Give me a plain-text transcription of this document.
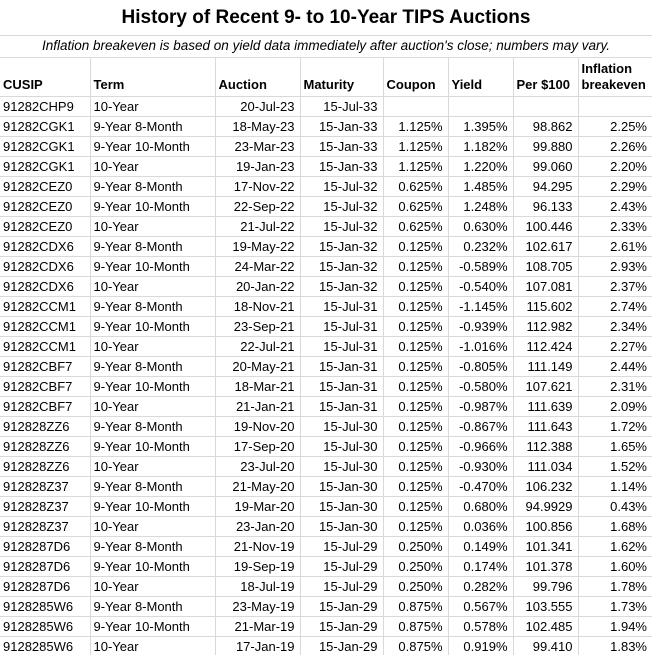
History of Recent 9- to 10-Year TIPS Auctions
Inflation breakeven is based on yield data immediately after auction's close; numbers may vary.
CUSIP	Term	Auction	Maturity	Coupon	Yield	Per $100	Inflation breakeven
91282CHP9	10-Year	20-Jul-23	15-Jul-33				
91282CGK1	9-Year 8-Month	18-May-23	15-Jan-33	1.125%	1.395%	98.862	2.25%
91282CGK1	9-Year 10-Month	23-Mar-23	15-Jan-33	1.125%	1.182%	99.880	2.26%
91282CGK1	10-Year	19-Jan-23	15-Jan-33	1.125%	1.220%	99.060	2.20%
91282CEZ0	9-Year 8-Month	17-Nov-22	15-Jul-32	0.625%	1.485%	94.295	2.29%
91282CEZ0	9-Year 10-Month	22-Sep-22	15-Jul-32	0.625%	1.248%	96.133	2.43%
91282CEZ0	10-Year	21-Jul-22	15-Jul-32	0.625%	0.630%	100.446	2.33%
91282CDX6	9-Year 8-Month	19-May-22	15-Jan-32	0.125%	0.232%	102.617	2.61%
91282CDX6	9-Year 10-Month	24-Mar-22	15-Jan-32	0.125%	-0.589%	108.705	2.93%
91282CDX6	10-Year	20-Jan-22	15-Jan-32	0.125%	-0.540%	107.081	2.37%
91282CCM1	9-Year 8-Month	18-Nov-21	15-Jul-31	0.125%	-1.145%	115.602	2.74%
91282CCM1	9-Year 10-Month	23-Sep-21	15-Jul-31	0.125%	-0.939%	112.982	2.34%
91282CCM1	10-Year	22-Jul-21	15-Jul-31	0.125%	-1.016%	112.424	2.27%
91282CBF7	9-Year 8-Month	20-May-21	15-Jan-31	0.125%	-0.805%	111.149	2.44%
91282CBF7	9-Year 10-Month	18-Mar-21	15-Jan-31	0.125%	-0.580%	107.621	2.31%
91282CBF7	10-Year	21-Jan-21	15-Jan-31	0.125%	-0.987%	111.639	2.09%
912828ZZ6	9-Year 8-Month	19-Nov-20	15-Jul-30	0.125%	-0.867%	111.643	1.72%
912828ZZ6	9-Year 10-Month	17-Sep-20	15-Jul-30	0.125%	-0.966%	112.388	1.65%
912828ZZ6	10-Year	23-Jul-20	15-Jul-30	0.125%	-0.930%	111.034	1.52%
912828Z37	9-Year 8-Month	21-May-20	15-Jan-30	0.125%	-0.470%	106.232	1.14%
912828Z37	9-Year 10-Month	19-Mar-20	15-Jan-30	0.125%	0.680%	94.9929	0.43%
912828Z37	10-Year	23-Jan-20	15-Jan-30	0.125%	0.036%	100.856	1.68%
9128287D6	9-Year 8-Month	21-Nov-19	15-Jul-29	0.250%	0.149%	101.341	1.62%
9128287D6	9-Year 10-Month	19-Sep-19	15-Jul-29	0.250%	0.174%	101.378	1.60%
9128287D6	10-Year	18-Jul-19	15-Jul-29	0.250%	0.282%	99.796	1.78%
9128285W6	9-Year 8-Month	23-May-19	15-Jan-29	0.875%	0.567%	103.555	1.73%
9128285W6	9-Year 10-Month	21-Mar-19	15-Jan-29	0.875%	0.578%	102.485	1.94%
9128285W6	10-Year	17-Jan-19	15-Jan-29	0.875%	0.919%	99.410	1.83%
